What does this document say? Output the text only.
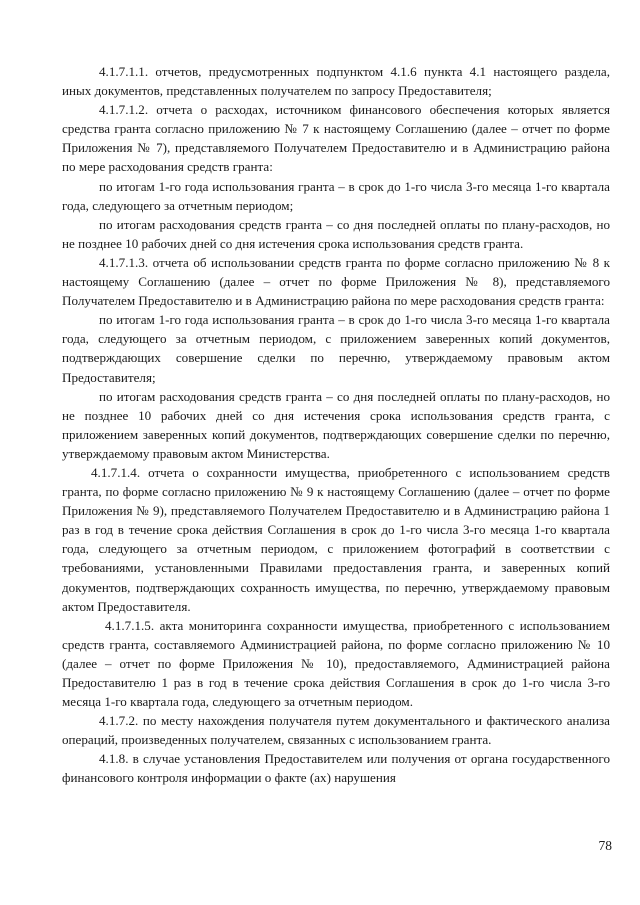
4.1.7.1.1. отчетов, предусмотренных подпунктом 4.1.6 пункта 4.1 настоящего раздела, иных документов, представленных получателем по запросу Предоставителя;

4.1.7.1.2. отчета о расходах, источником финансового обеспечения которых является средства гранта согласно приложению № 7 к настоящему Соглашению (далее – отчет по форме Приложения № 7), представляемого Получателем Предоставителю и в Администрацию района по мере расходования средств гранта:

по итогам 1-го года использования гранта – в срок до 1-го числа 3-го месяца 1-го квартала года, следующего за отчетным периодом;

по итогам расходования средств гранта – со дня последней оплаты по плану-расходов, но не позднее 10 рабочих дней со дня истечения срока использования средств гранта.

4.1.7.1.3. отчета об использовании средств гранта по форме согласно приложению № 8 к настоящему Соглашению (далее – отчет по форме Приложения № 8), представляемого Получателем Предоставителю и в Администрацию района по мере расходования средств гранта:

по итогам 1-го года использования гранта – в срок до 1-го числа 3-го месяца 1-го квартала года, следующего за отчетным периодом, с приложением заверенных копий документов, подтверждающих совершение сделки по перечню, утверждаемому правовым актом Предоставителя;

по итогам расходования средств гранта – со дня последней оплаты по плану-расходов, но не позднее 10 рабочих дней со дня истечения срока использования средств гранта, с приложением заверенных копий документов, подтверждающих совершение сделки по перечню, утверждаемому правовым актом Министерства.

4.1.7.1.4. отчета о сохранности имущества, приобретенного с использованием средств гранта, по форме согласно приложению № 9 к настоящему Соглашению (далее – отчет по форме Приложения № 9), представляемого Получателем Предоставителю и в Администрацию района 1 раз в год в течение срока действия Соглашения в срок до 1-го числа 3-го месяца 1-го квартала года, следующего за отчетным периодом, с приложением фотографий в соответствии с требованиями, установленными Правилами предоставления гранта, и заверенных копий документов, подтверждающих сохранность имущества, по перечню, утверждаемому правовым актом Предоставителя.

4.1.7.1.5. акта мониторинга сохранности имущества, приобретенного с использованием средств гранта, составляемого Администрацией района, по форме согласно приложению № 10 (далее – отчет по форме Приложения № 10), предоставляемого, Администрацией района Предоставителю 1 раз в год в течение срока действия Соглашения в срок до 1-го числа 3-го месяца 1-го квартала года, следующего за отчетным периодом.

4.1.7.2. по месту нахождения получателя путем документального и фактического анализа операций, произведенных получателем, связанных с использованием гранта.

4.1.8. в случае установления Предоставителем или получения от органа государственного финансового контроля информации о факте (ах) нарушения

78
